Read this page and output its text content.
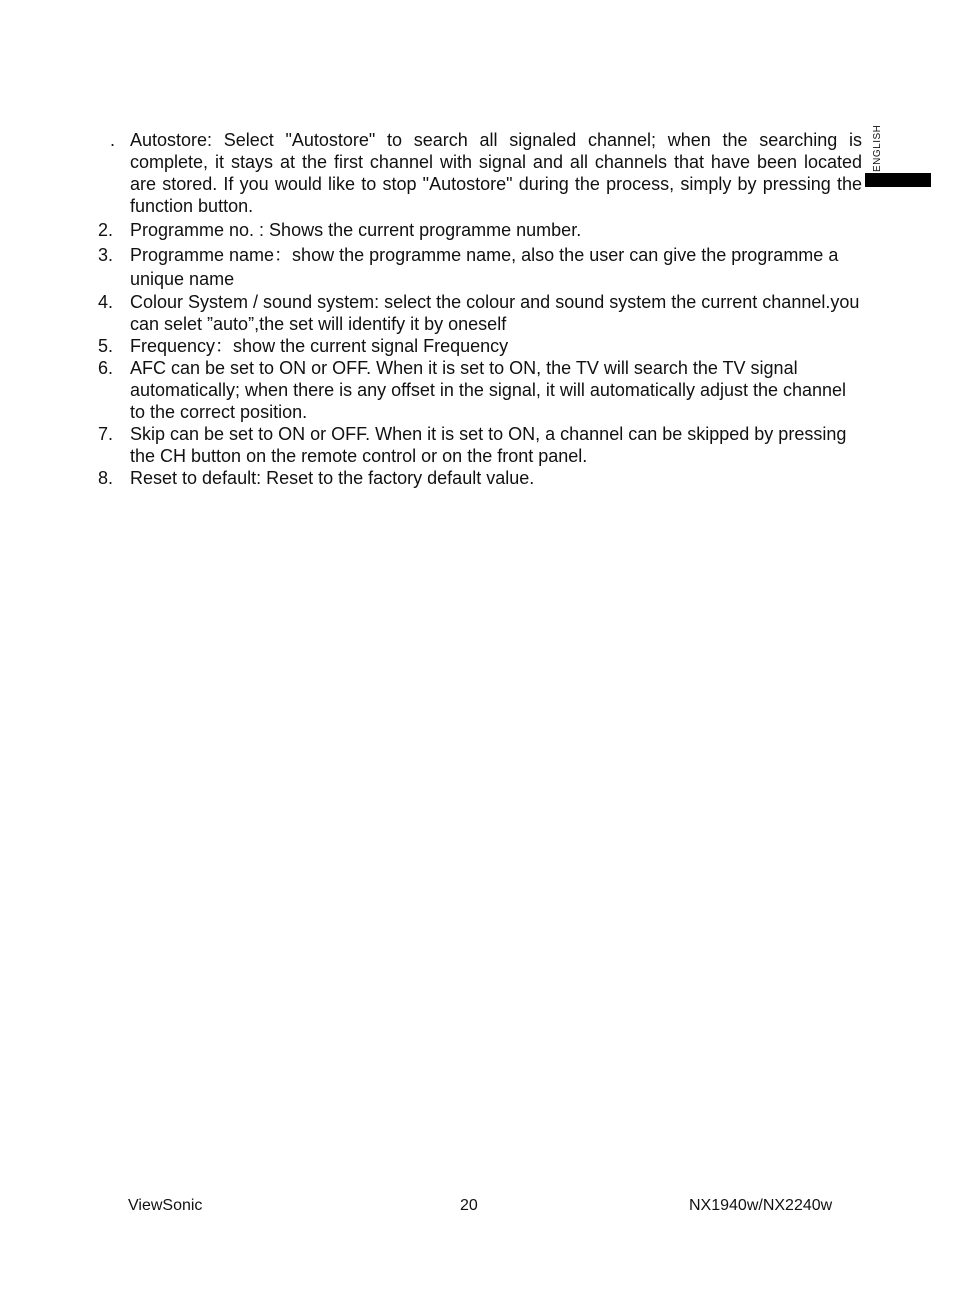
ENGLISH
. Autostore: Select "Autostore" to search all signaled channel; when the searching is complete, it stays at the first channel with signal and all channels that have been located are stored. If you would like to stop "Autostore" during the process, simply by pressing the function button.
2. Programme no. : Shows the current programme number.
3. Programme name：show the programme name, also the user can give the programme a unique name
4. Colour System / sound system: select the colour and sound system the current channel.you can selet ”auto”,the set will identify it by oneself
5. Frequency：show the current signal Frequency
6. AFC can be set to ON or OFF. When it is set to ON, the TV will search the TV signal automatically; when there is any offset in the signal, it will automatically adjust the channel to the correct position.
7. Skip can be set to ON or OFF. When it is set to ON, a channel can be skipped by pressing the CH button on the remote control or on the front panel.
8. Reset to default: Reset to the factory default value.
ViewSonic	20	NX1940w/NX2240w
